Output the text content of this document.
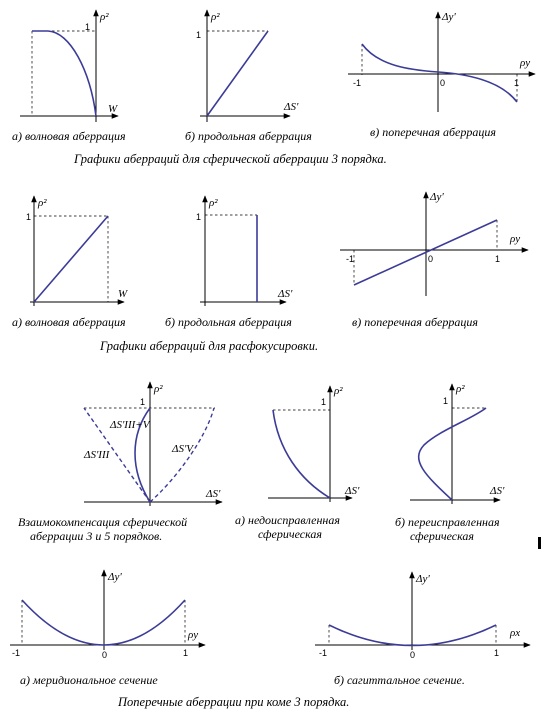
1
ρ²
W
а) волновая аберрация
1
ρ²
ΔS'
б) продольная аберрация
-1	0	1
Δy'
ρy
в) поперечная аберрация
Графики аберраций для сферической аберрации 3 порядка.
1
ρ²
W
а) волновая аберрация
1
ρ²
ΔS'
б) продольная аберрация
-1	0	1
Δy'
ρy
в) поперечная аберрация
Графики аберраций для расфокусировки.
1
ρ²
ΔS'
ΔS'III+V
ΔS'III	ΔS'V
Взаимокомпенсация сферической
аберрации 3 и 5 порядков.
1
ρ²
ΔS'
а) недоисправленная
сферическая
1
ρ²
ΔS'
б) переисправленная
сферическая
-1	0	1
Δy'
ρy
а) меридиональное сечение
-1	0	1
Δy'
ρx
б) сагиттальное сечение.
Поперечные аберрации при коме 3 порядка.
